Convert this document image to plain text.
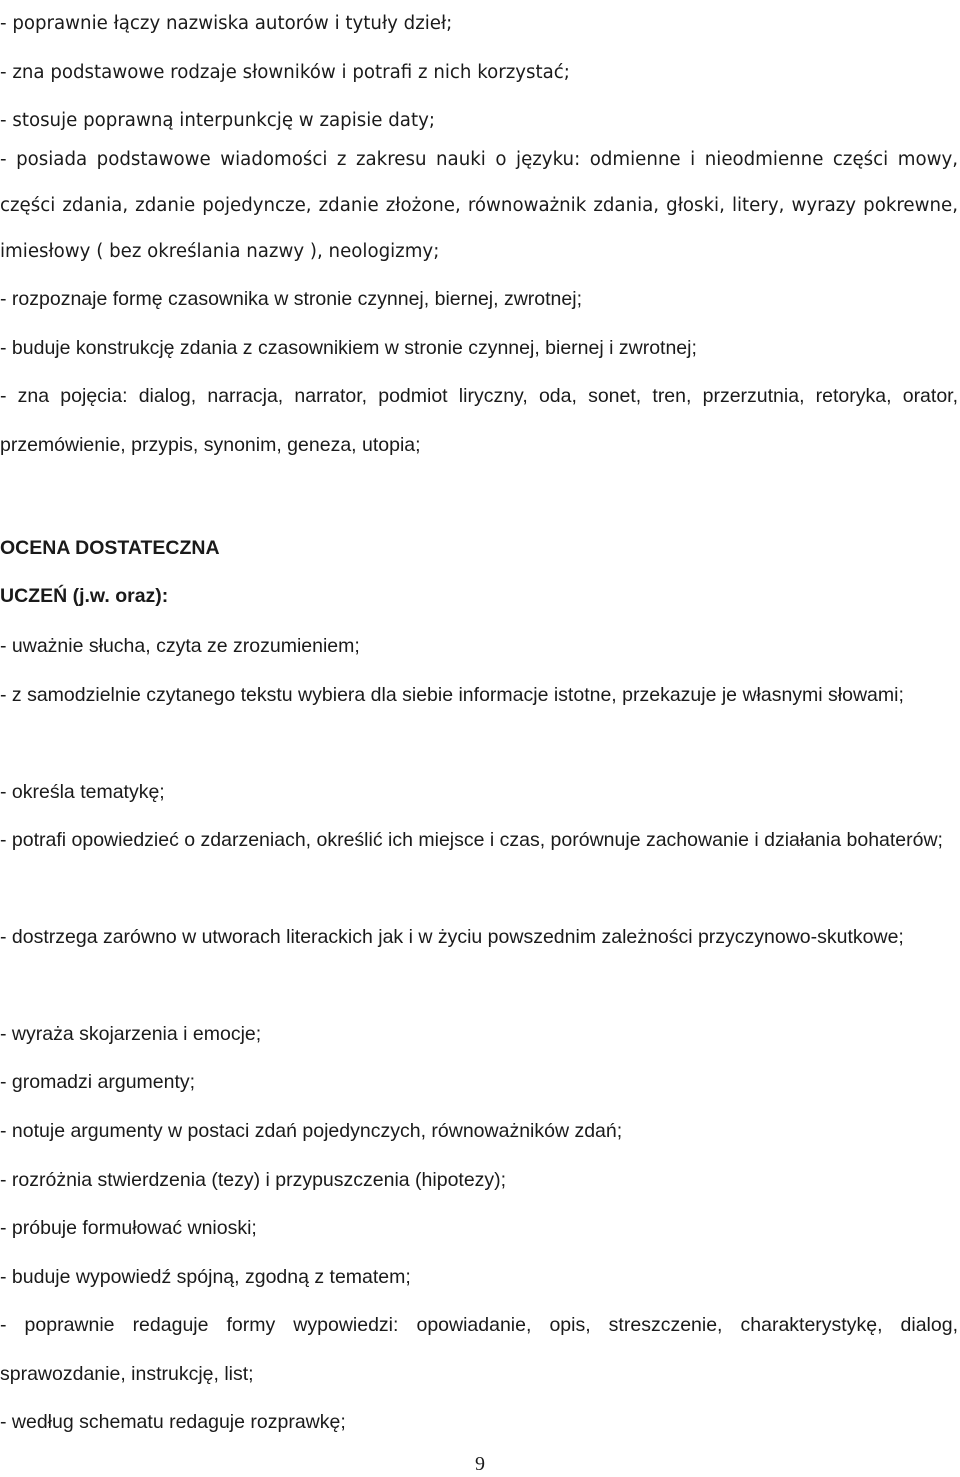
- poprawnie łączy nazwiska autorów i tytuły dzieł;

- zna podstawowe rodzaje słowników i potrafi z nich korzystać;

- stosuje poprawną interpunkcję w zapisie daty;

- posiada podstawowe wiadomości z zakresu nauki o języku: odmienne i nieodmienne części mowy, części zdania, zdanie pojedyncze, zdanie złożone, równoważnik zdania, głoski, litery, wyrazy pokrewne, imiesłowy ( bez określania nazwy ), neologizmy;

- rozpoznaje formę czasownika w stronie czynnej, biernej, zwrotnej;

- buduje konstrukcję zdania z czasownikiem w stronie czynnej, biernej i zwrotnej;

- zna pojęcia: dialog, narracja, narrator, podmiot liryczny, oda, sonet, tren, przerzutnia, retoryka, orator, przemówienie, przypis, synonim, geneza, utopia;

OCENA DOSTATECZNA
UCZEŃ (j.w. oraz):

- uważnie słucha, czyta ze zrozumieniem;

- z samodzielnie czytanego tekstu wybiera dla siebie informacje istotne, przekazuje je własnymi słowami;

- określa tematykę;

- potrafi opowiedzieć o zdarzeniach, określić ich miejsce i czas, porównuje zachowanie i działania bohaterów;

- dostrzega zarówno w utworach literackich jak i w życiu powszednim zależności przyczynowo-skutkowe;

- wyraża skojarzenia i emocje;

- gromadzi argumenty;

- notuje argumenty w postaci zdań pojedynczych, równoważników zdań;

- rozróżnia stwierdzenia (tezy) i przypuszczenia (hipotezy);

- próbuje formułować wnioski;

- buduje wypowiedź spójną, zgodną z tematem;

- poprawnie redaguje formy wypowiedzi: opowiadanie, opis, streszczenie, charakterystykę, dialog, sprawozdanie, instrukcję, list;

- według schematu redaguje rozprawkę;

9
